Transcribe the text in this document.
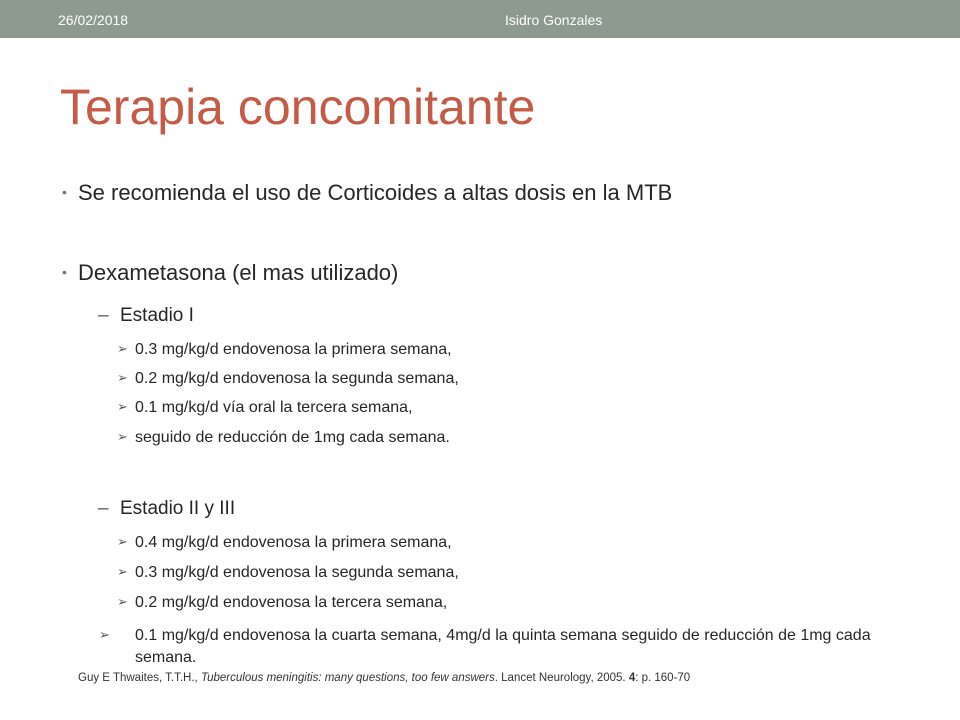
26/02/2018	Isidro Gonzales
Terapia concomitante
• Se recomienda el uso de Corticoides a altas dosis en la MTB
• Dexametasona (el mas utilizado)
– Estadio I
➢ 0.3 mg/kg/d endovenosa la primera semana,
➢ 0.2 mg/kg/d endovenosa la segunda semana,
➢ 0.1 mg/kg/d vía oral la tercera semana,
➢ seguido de reducción de 1mg cada semana.
– Estadio II y III
➢ 0.4 mg/kg/d endovenosa la primera semana,
➢ 0.3 mg/kg/d endovenosa la segunda semana,
➢ 0.2 mg/kg/d endovenosa la tercera semana,
➢ 0.1 mg/kg/d endovenosa la cuarta semana, 4mg/d la quinta semana seguido de reducción de 1mg cada semana.
Guy E Thwaites, T.T.H., Tuberculous meningitis: many questions, too few answers. Lancet Neurology, 2005. 4: p. 160-70
